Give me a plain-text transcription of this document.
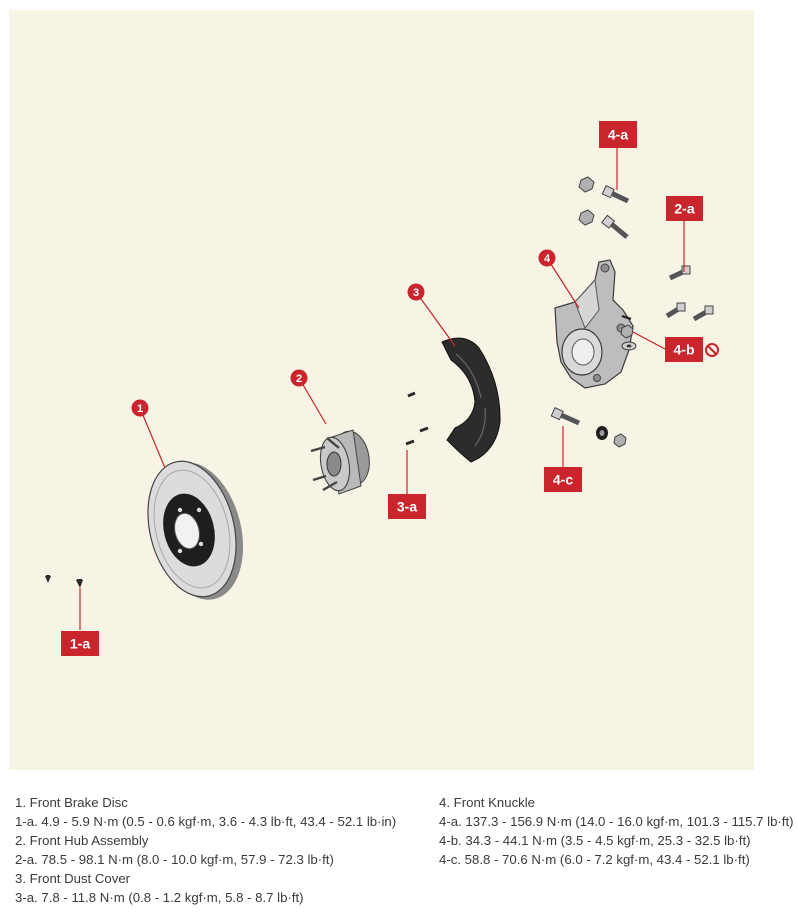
1
2
3
4
1-a
2-a
3-a
4-a
4-b
4-c
1. Front Brake Disc
1-a. 4.9 - 5.9 N·m (0.5 - 0.6 kgf·m, 3.6 - 4.3 lb·ft, 43.4 - 52.1 lb·in)
2. Front Hub Assembly
2-a. 78.5 - 98.1 N·m (8.0 - 10.0 kgf·m, 57.9 - 72.3 lb·ft)
3. Front Dust Cover
3-a. 7.8 - 11.8 N·m (0.8 - 1.2 kgf·m, 5.8 - 8.7 lb·ft)
4. Front Knuckle
4-a. 137.3 - 156.9 N·m (14.0 - 16.0 kgf·m, 101.3 - 115.7 lb·ft)
4-b. 34.3 - 44.1 N·m (3.5 - 4.5 kgf·m, 25.3 - 32.5 lb·ft)
4-c. 58.8 - 70.6 N·m (6.0 - 7.2 kgf·m, 43.4 - 52.1 lb·ft)
